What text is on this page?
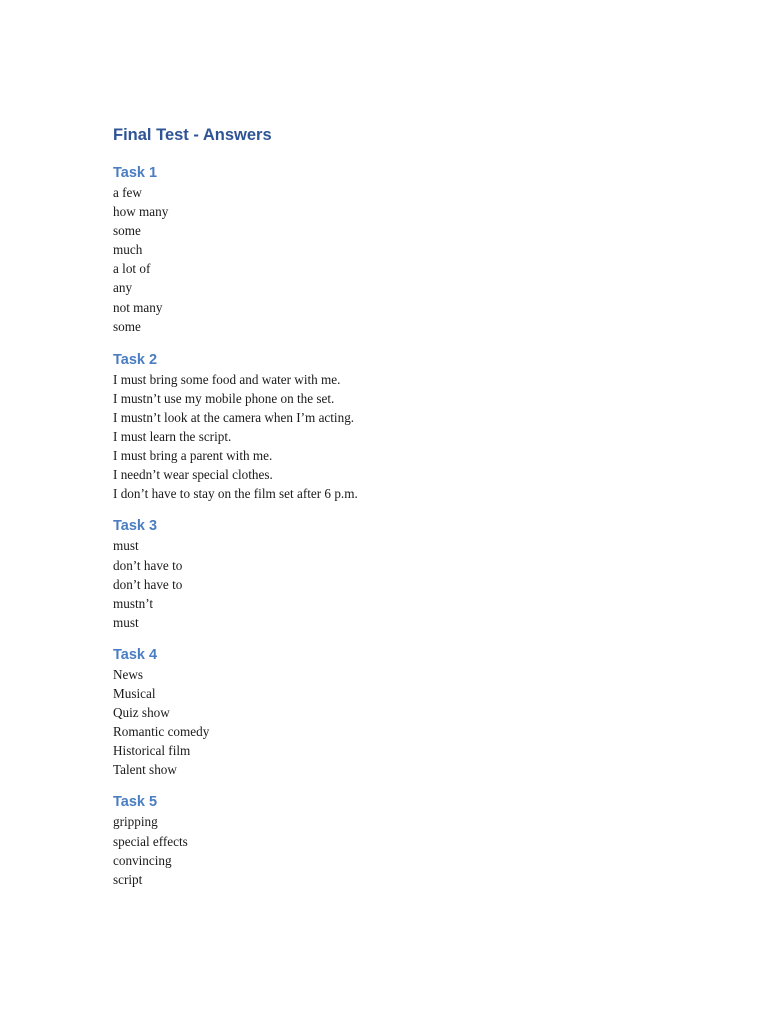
Final Test - Answers
Task 1
a few
how many
some
much
a lot of
any
not many
some
Task 2
I must bring some food and water with me.
I mustn’t use my mobile phone on the set.
I mustn’t look at the camera when I’m acting.
I must learn the script.
I must bring a parent with me.
I needn’t wear special clothes.
I don’t have to stay on the film set after 6 p.m.
Task 3
must
don’t have to
don’t have to
mustn’t
must
Task 4
News
Musical
Quiz show
Romantic comedy
Historical film
Talent show
Task 5
gripping
special effects
convincing
script
